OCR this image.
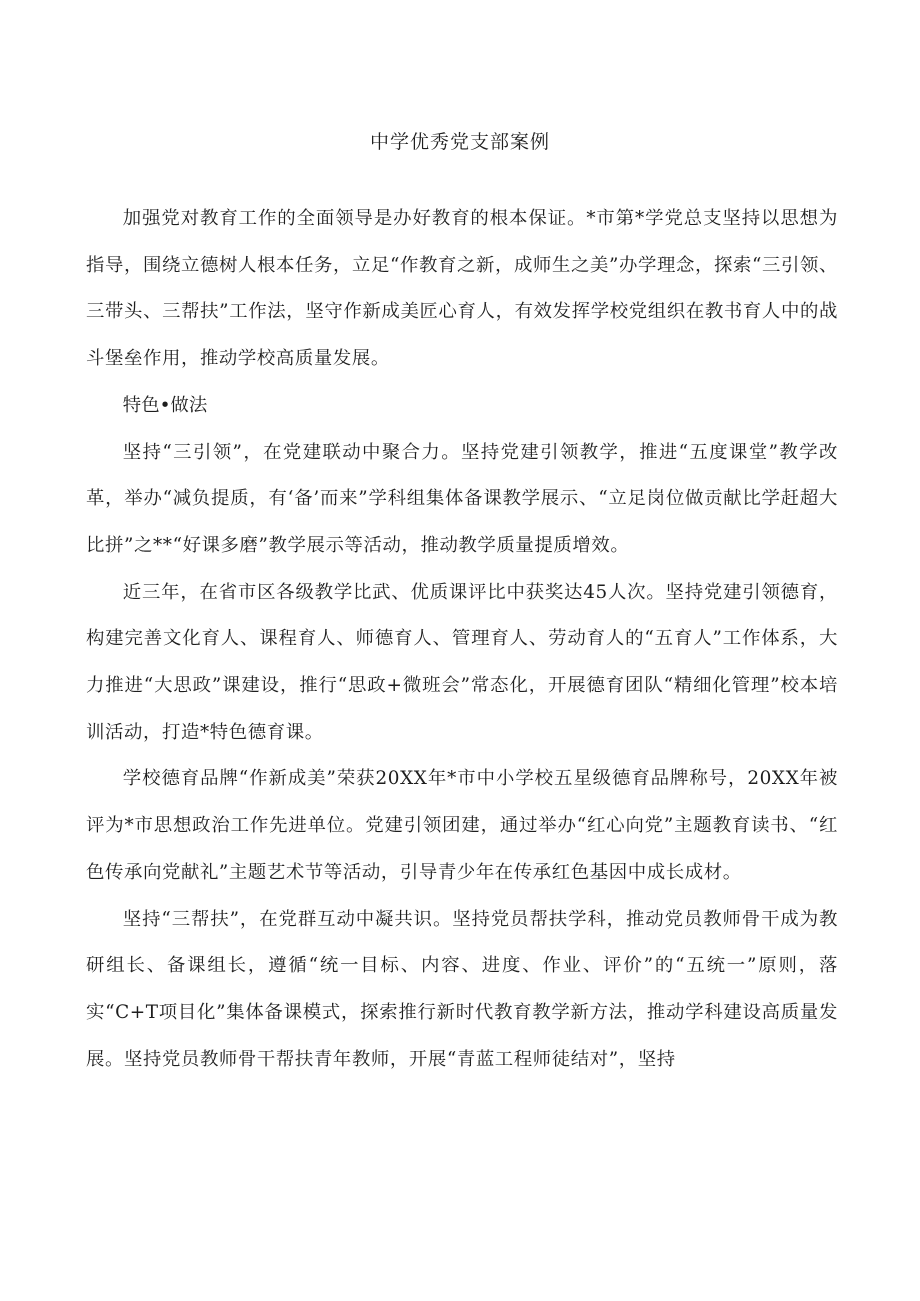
中学优秀党支部案例

加强党对教育工作的全面领导是办好教育的根本保证。*市第*学党总支坚持以思想为指导，围绕立德树人根本任务，立足“作教育之新，成师生之美”办学理念，探索“三引领、三带头、三帮扶”工作法，坚守作新成美匠心育人，有效发挥学校党组织在教书育人中的战斗堡垒作用，推动学校高质量发展。

特色•做法

坚持“三引领”，在党建联动中聚合力。坚持党建引领教学，推进“五度课堂”教学改革，举办“减负提质，有‘备’而来”学科组集体备课教学展示、“立足岗位做贡献比学赶超大比拼”之**“好课多磨”教学展示等活动，推动教学质量提质增效。

近三年，在省市区各级教学比武、优质课评比中获奖达45人次。坚持党建引领德育，构建完善文化育人、课程育人、师德育人、管理育人、劳动育人的“五育人”工作体系，大力推进“大思政”课建设，推行“思政+微班会”常态化，开展德育团队“精细化管理”校本培训活动，打造*特色德育课。

学校德育品牌“作新成美”荣获20XX年*市中小学校五星级德育品牌称号，20XX年被评为*市思想政治工作先进单位。党建引领团建，通过举办“红心向党”主题教育读书、“红色传承向党献礼”主题艺术节等活动，引导青少年在传承红色基因中成长成材。

坚持“三帮扶”，在党群互动中凝共识。坚持党员帮扶学科，推动党员教师骨干成为教研组长、备课组长，遵循“统一目标、内容、进度、作业、评价”的“五统一”原则，落实“C+T项目化”集体备课模式，探索推行新时代教育教学新方法，推动学科建设高质量发展。坚持党员教师骨干帮扶青年教师，开展“青蓝工程师徒结对”，坚持
